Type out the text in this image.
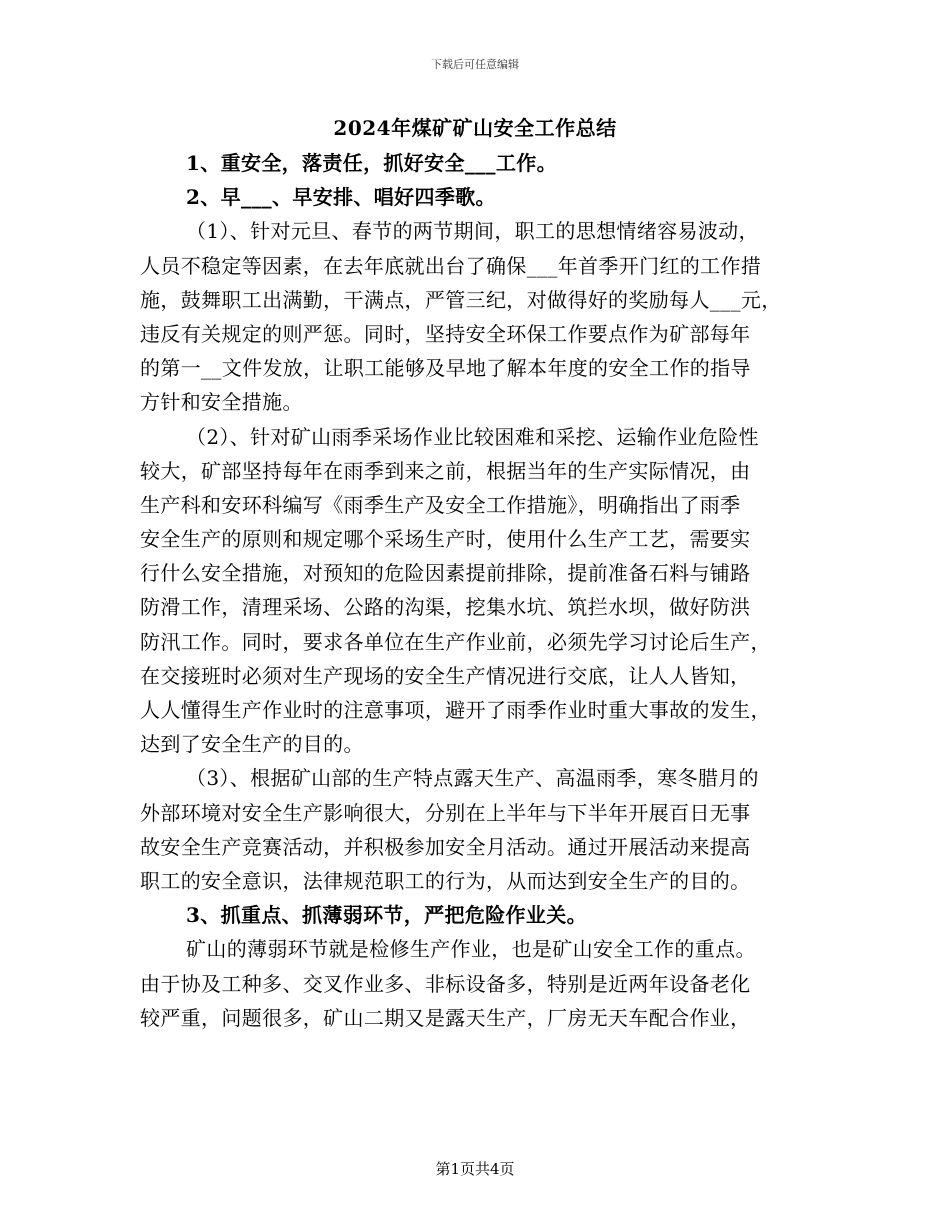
下载后可任意编辑
2024年煤矿矿山安全工作总结
1、重安全，落责任，抓好安全___工作。
2、早___、早安排、唱好四季歌。
（1）、针对元旦、春节的两节期间，职工的思想情绪容易波动，
人员不稳定等因素，在去年底就出台了确保___年首季开门红的工作措
施，鼓舞职工出满勤，干满点，严管三纪，对做得好的奖励每人___元，
违反有关规定的则严惩。同时，坚持安全环保工作要点作为矿部每年
的第一__文件发放，让职工能够及早地了解本年度的安全工作的指导
方针和安全措施。
（2）、针对矿山雨季采场作业比较困难和采挖、运输作业危险性
较大，矿部坚持每年在雨季到来之前，根据当年的生产实际情况，由
生产科和安环科编写《雨季生产及安全工作措施》，明确指出了雨季
安全生产的原则和规定哪个采场生产时，使用什么生产工艺，需要实
行什么安全措施，对预知的危险因素提前排除，提前准备石料与铺路
防滑工作，清理采场、公路的沟渠，挖集水坑、筑拦水坝，做好防洪
防汛工作。同时，要求各单位在生产作业前，必须先学习讨论后生产，
在交接班时必须对生产现场的安全生产情况进行交底，让人人皆知，
人人懂得生产作业时的注意事项，避开了雨季作业时重大事故的发生，
达到了安全生产的目的。
（3）、根据矿山部的生产特点露天生产、高温雨季，寒冬腊月的
外部环境对安全生产影响很大，分别在上半年与下半年开展百日无事
故安全生产竞赛活动，并积极参加安全月活动。通过开展活动来提高
职工的安全意识，法律规范职工的行为，从而达到安全生产的目的。
3、抓重点、抓薄弱环节，严把危险作业关。
矿山的薄弱环节就是检修生产作业，也是矿山安全工作的重点。
由于协及工种多、交叉作业多、非标设备多，特别是近两年设备老化
较严重，问题很多，矿山二期又是露天生产，厂房无天车配合作业，
第1页共4页
